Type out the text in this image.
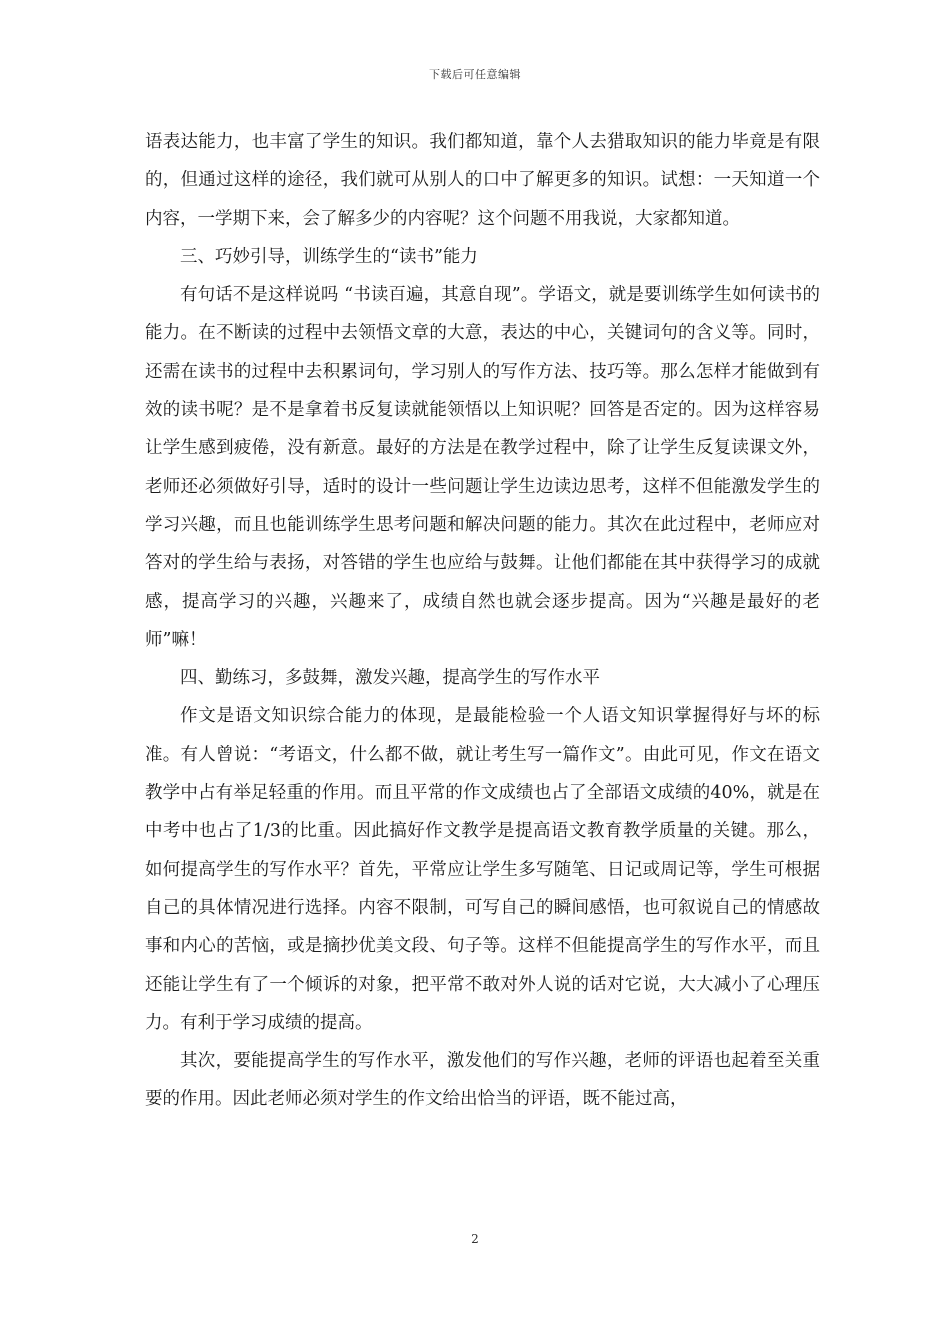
下载后可任意编辑

语表达能力，也丰富了学生的知识。我们都知道，靠个人去猎取知识的能力毕竟是有限的，但通过这样的途径，我们就可从别人的口中了解更多的知识。试想：一天知道一个内容，一学期下来，会了解多少的内容呢？这个问题不用我说，大家都知道。

三、巧妙引导，训练学生的“读书”能力

有句话不是这样说吗 “书读百遍，其意自现”。学语文，就是要训练学生如何读书的能力。在不断读的过程中去领悟文章的大意，表达的中心，关键词句的含义等。同时，还需在读书的过程中去积累词句，学习别人的写作方法、技巧等。那么怎样才能做到有效的读书呢？是不是拿着书反复读就能领悟以上知识呢？回答是否定的。因为这样容易让学生感到疲倦，没有新意。最好的方法是在教学过程中，除了让学生反复读课文外，老师还必须做好引导，适时的设计一些问题让学生边读边思考，这样不但能激发学生的学习兴趣，而且也能训练学生思考问题和解决问题的能力。其次在此过程中，老师应对答对的学生给与表扬，对答错的学生也应给与鼓舞。让他们都能在其中获得学习的成就感，提高学习的兴趣，兴趣来了，成绩自然也就会逐步提高。因为“兴趣是最好的老师”嘛！

四、勤练习，多鼓舞，激发兴趣，提高学生的写作水平

作文是语文知识综合能力的体现，是最能检验一个人语文知识掌握得好与坏的标准。有人曾说：“考语文，什么都不做，就让考生写一篇作文”。由此可见，作文在语文教学中占有举足轻重的作用。而且平常的作文成绩也占了全部语文成绩的40%，就是在中考中也占了1/3的比重。因此搞好作文教学是提高语文教育教学质量的关键。那么，如何提高学生的写作水平？首先，平常应让学生多写随笔、日记或周记等，学生可根据自己的具体情况进行选择。内容不限制，可写自己的瞬间感悟，也可叙说自己的情感故事和内心的苦恼，或是摘抄优美文段、句子等。这样不但能提高学生的写作水平，而且还能让学生有了一个倾诉的对象，把平常不敢对外人说的话对它说，大大减小了心理压力。有利于学习成绩的提高。

其次，要能提高学生的写作水平，激发他们的写作兴趣，老师的评语也起着至关重要的作用。因此老师必须对学生的作文给出恰当的评语，既不能过高，

2
